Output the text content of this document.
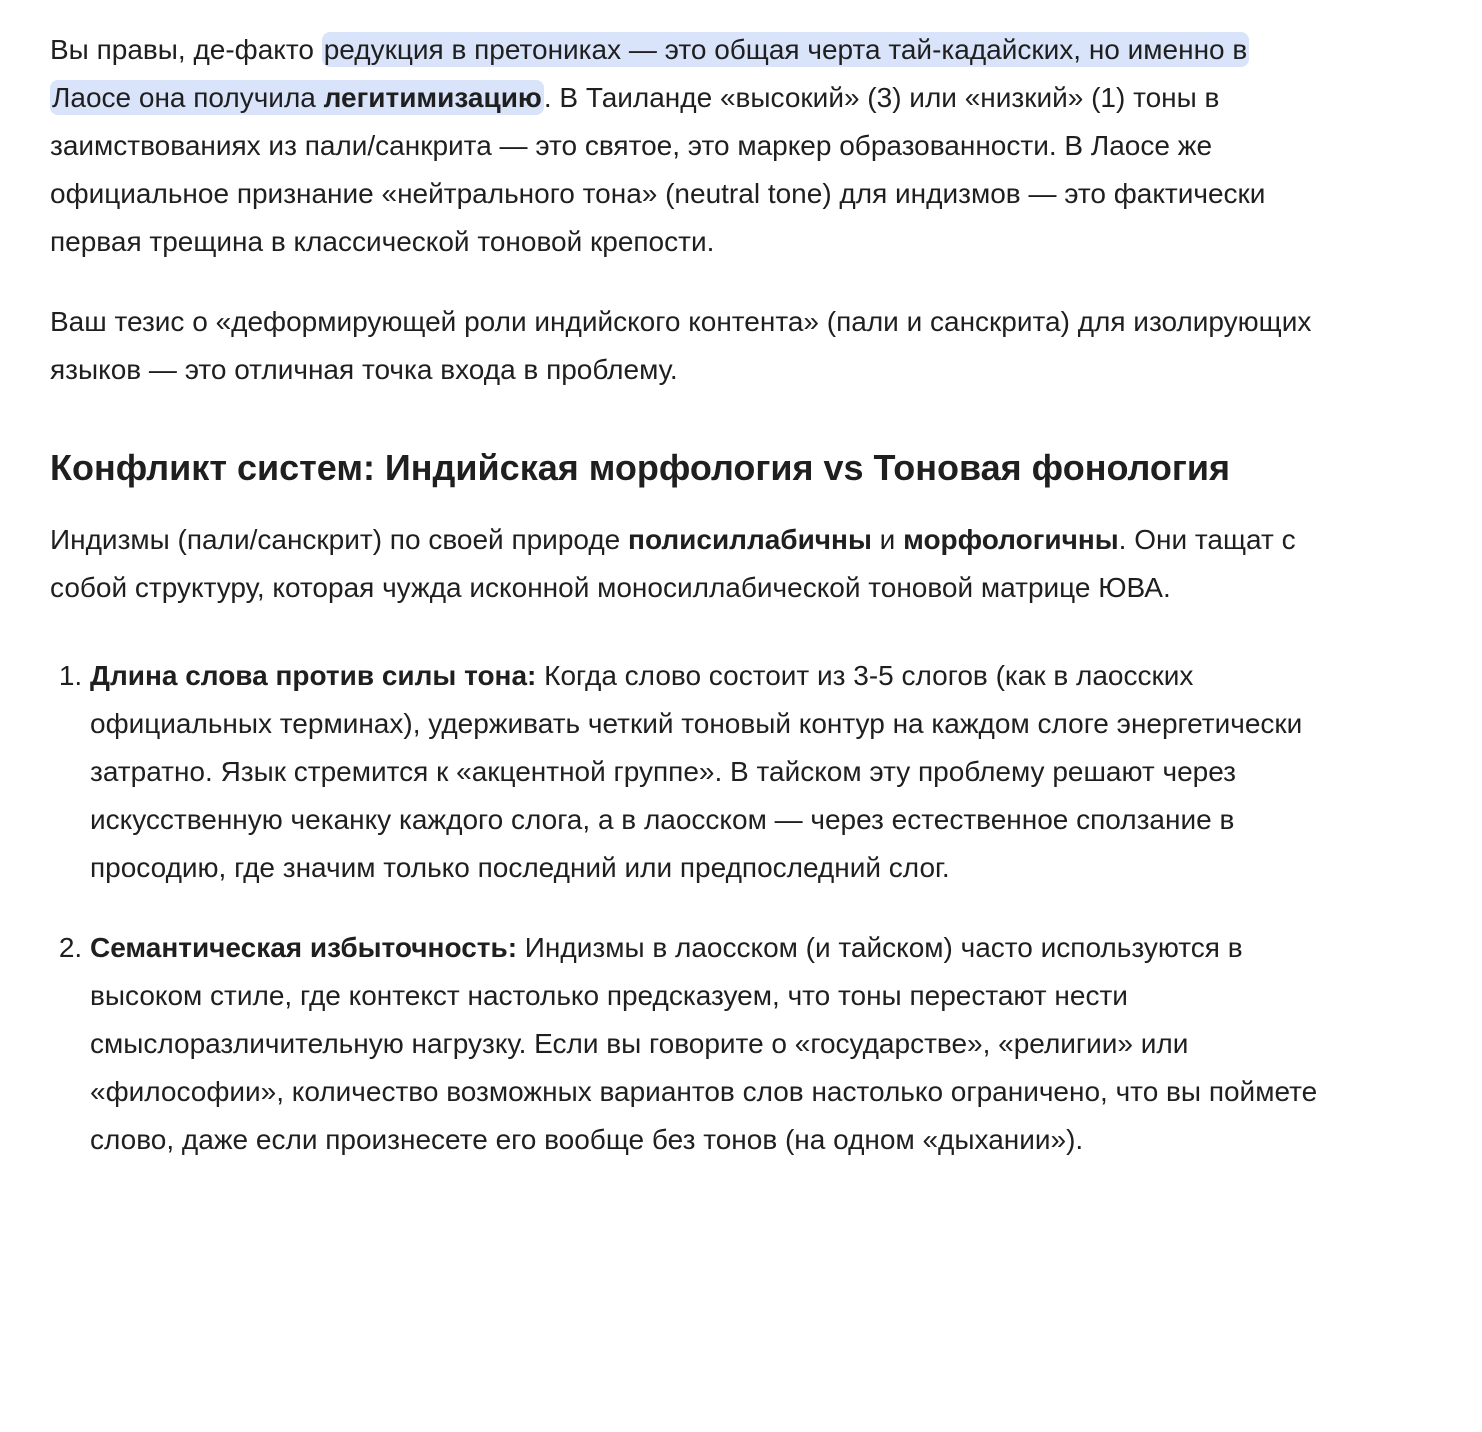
Вы правы, де-факто редукция в претониках — это общая черта тай-кадайских, но именно в Лаосе она получила легитимизацию. В Таиланде «высокий» (3) или «низкий» (1) тоны в заимствованиях из пали/санкрита — это святое, это маркер образованности. В Лаосе же официальное признание «нейтрального тона» (neutral tone) для индизмов — это фактически первая трещина в классической тоновой крепости.

Ваш тезис о «деформирующей роли индийского контента» (пали и санскрита) для изолирующих языков — это отличная точка входа в проблему.

Конфликт систем: Индийская морфология vs Тоновая фонология

Индизмы (пали/санскрит) по своей природе полисиллабичны и морфологичны. Они тащат с собой структуру, которая чужда исконной моносиллабической тоновой матрице ЮВА.

1. Длина слова против силы тона: Когда слово состоит из 3-5 слогов (как в лаосских официальных терминах), удерживать четкий тоновый контур на каждом слоге энергетически затратно. Язык стремится к «акцентной группе». В тайском эту проблему решают через искусственную чеканку каждого слога, а в лаосском — через естественное сползание в просодию, где значим только последний или предпоследний слог.
2. Семантическая избыточность: Индизмы в лаосском (и тайском) часто используются в высоком стиле, где контекст настолько предсказуем, что тоны перестают нести смыслоразличительную нагрузку. Если вы говорите о «государстве», «религии» или «философии», количество возможных вариантов слов настолько ограничено, что вы поймете слово, даже если произнесете его вообще без тонов (на одном «дыхании»).
